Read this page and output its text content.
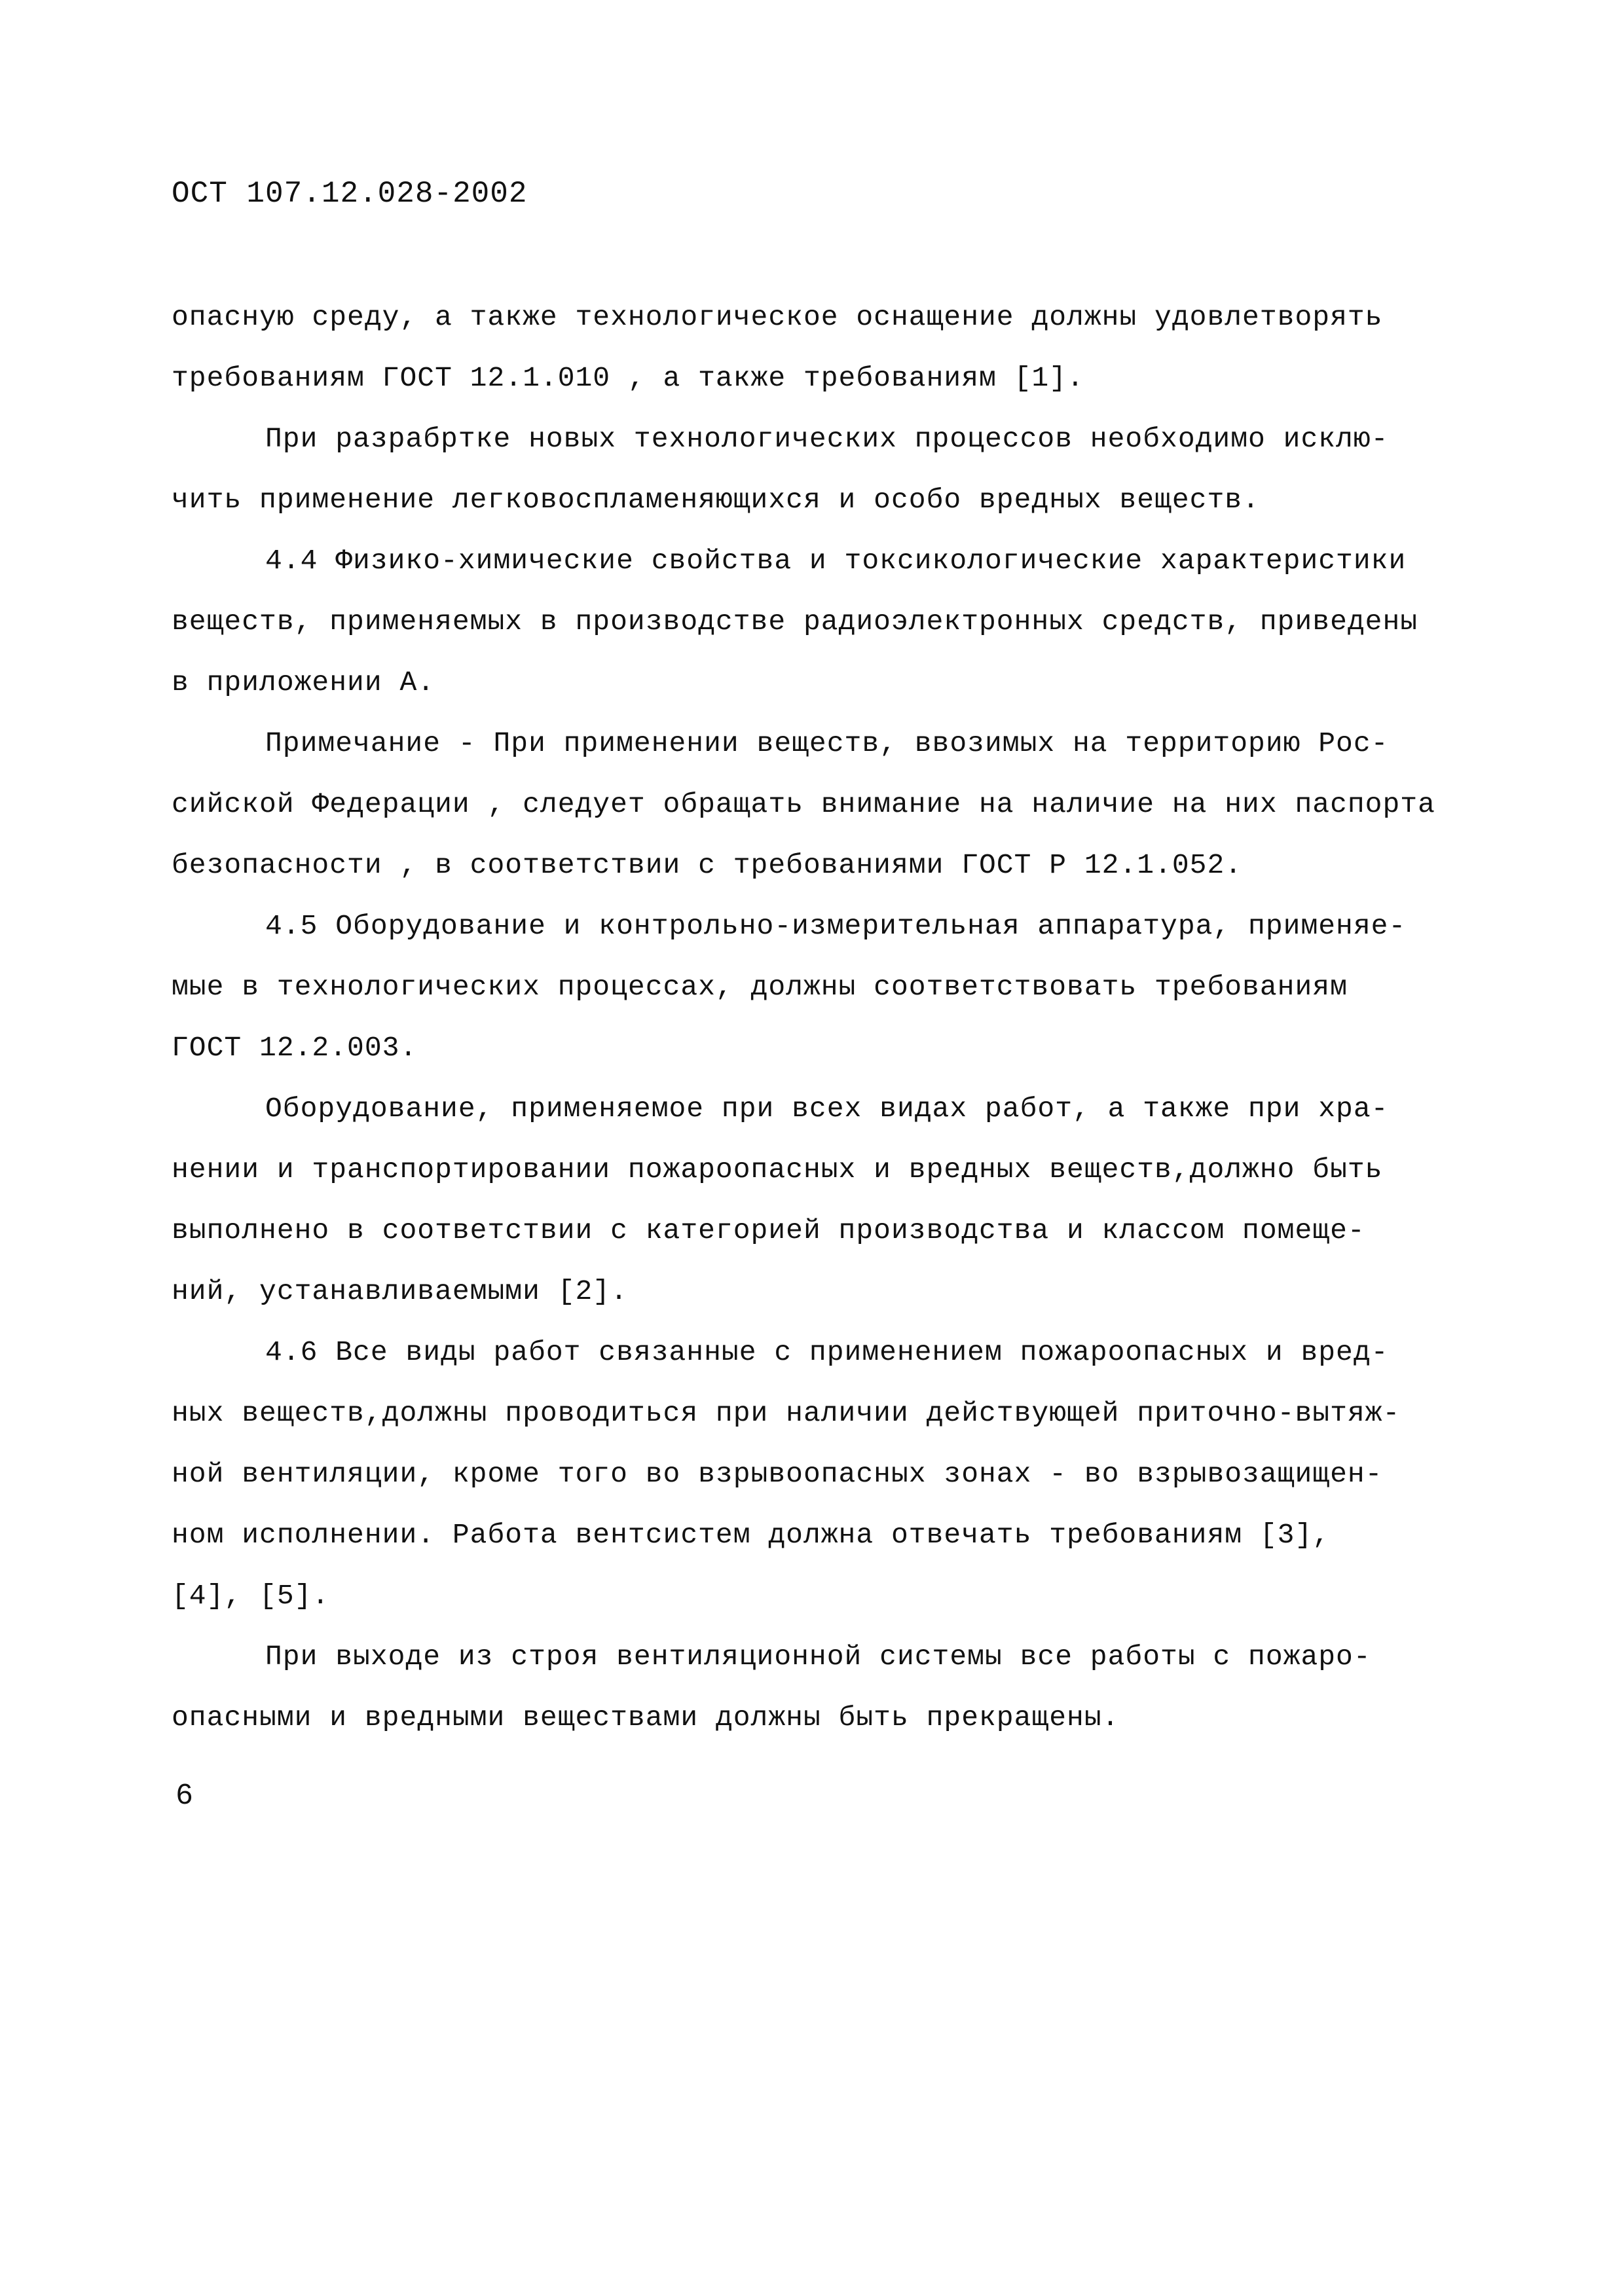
ОСТ 107.12.028-2002
опасную среду, а также технологическое оснащение должны удовлетворять
требованиям ГОСТ 12.1.010 , а также требованиям [1].
При разрабртке новых технологических процессов необходимо исклю-
чить применение легковоспламеняющихся и особо вредных веществ.
4.4 Физико-химические свойства и токсикологические характеристики
веществ, применяемых в производстве радиоэлектронных средств, приведены
в приложении А.
Примечание - При применении веществ, ввозимых на территорию Рос-
сийской Федерации , следует обращать внимание на наличие на них паспорта
безопасности , в соответствии с требованиями ГОСТ Р 12.1.052.
4.5 Оборудование и контрольно-измерительная аппаратура, применяе-
мые в технологических процессах, должны соответствовать требованиям
ГОСТ 12.2.003.
Оборудование, применяемое при всех видах работ, а также при хра-
нении и транспортировании пожароопасных и вредных веществ,должно быть
выполнено в соответствии с категорией производства и классом помеще-
ний, устанавливаемыми [2].
4.6 Все виды работ связанные с применением пожароопасных и вред-
ных веществ,должны проводиться при наличии действующей приточно-вытяж-
ной вентиляции, кроме того во взрывоопасных зонах - во взрывозащищен-
ном исполнении. Работа вентсистем должна отвечать требованиям [3],
[4], [5].
При выходе из строя вентиляционной системы все работы с пожаро-
опасными и вредными веществами должны быть прекращены.
6
